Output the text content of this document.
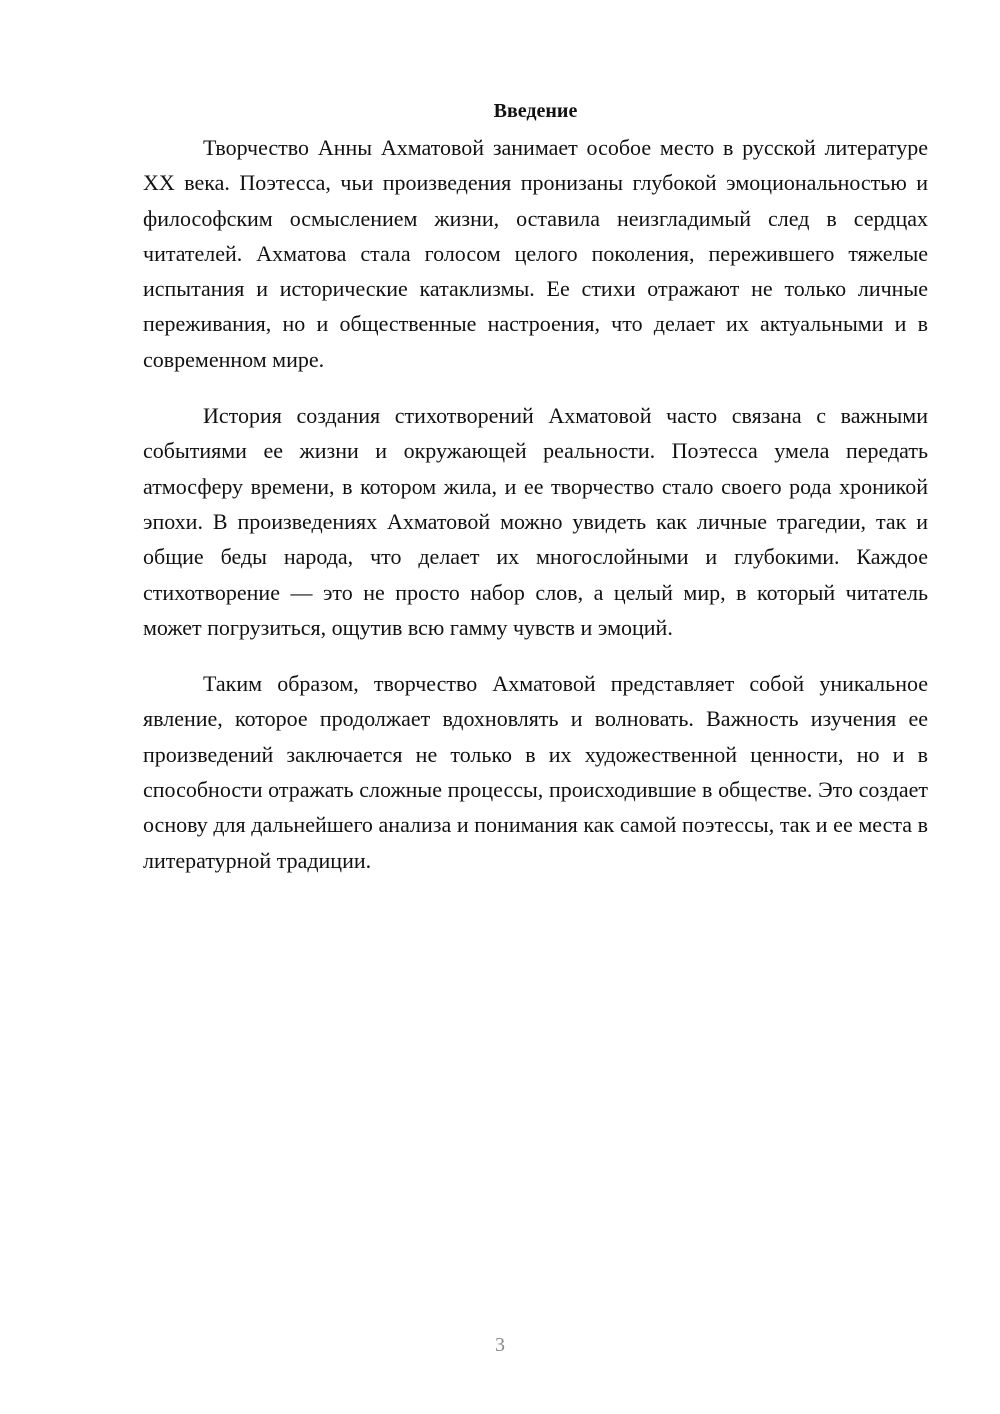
Введение

Творчество Анны Ахматовой занимает особое место в русской литературе XX века. Поэтесса, чьи произведения пронизаны глубокой эмоциональностью и философским осмыслением жизни, оставила неизгладимый след в сердцах читателей. Ахматова стала голосом целого поколения, пережившего тяжелые испытания и исторические катаклизмы. Ее стихи отражают не только личные переживания, но и общественные настроения, что делает их актуальными и в современном мире.

История создания стихотворений Ахматовой часто связана с важными событиями ее жизни и окружающей реальности. Поэтесса умела передать атмосферу времени, в котором жила, и ее творчество стало своего рода хроникой эпохи. В произведениях Ахматовой можно увидеть как личные трагедии, так и общие беды народа, что делает их многослойными и глубокими. Каждое стихотворение — это не просто набор слов, а целый мир, в который читатель может погрузиться, ощутив всю гамму чувств и эмоций.

Таким образом, творчество Ахматовой представляет собой уникальное явление, которое продолжает вдохновлять и волновать. Важность изучения ее произведений заключается не только в их художественной ценности, но и в способности отражать сложные процессы, происходившие в обществе. Это создает основу для дальнейшего анализа и понимания как самой поэтессы, так и ее места в литературной традиции.

3
